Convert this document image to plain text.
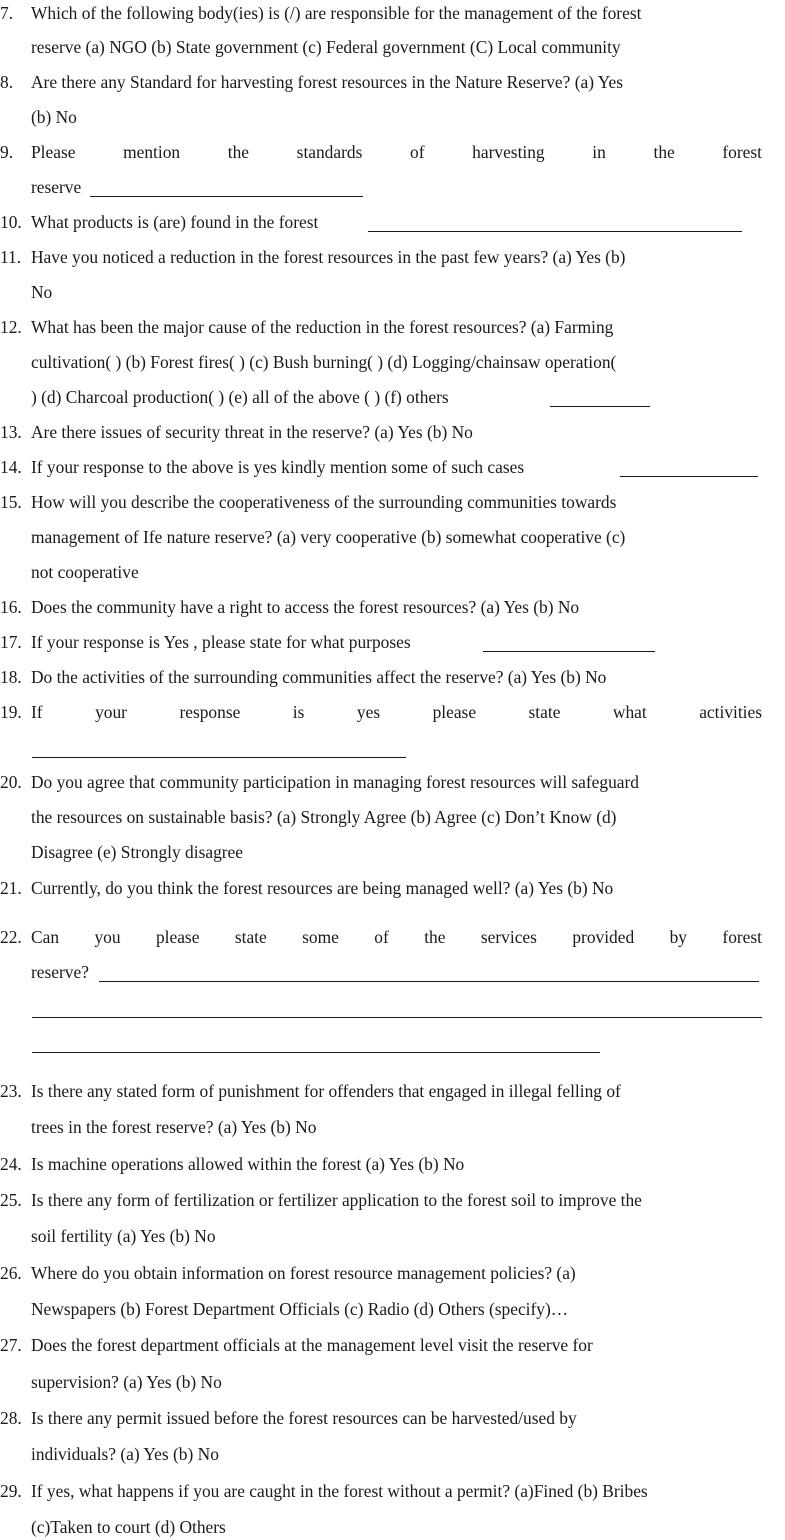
7. Which of the following body(ies) is (/) are responsible for the management of the forest
reserve (a) NGO (b) State government (c) Federal government (C) Local community
8. Are there any Standard for harvesting forest resources in the Nature Reserve? (a) Yes
(b) No
9. Please mention the standards of harvesting in the forest
reserve
10. What products is (are) found in the forest
11. Have you noticed a reduction in the forest resources in the past few years? (a) Yes (b)
No
12. What has been the major cause of the reduction in the forest resources? (a) Farming
cultivation( ) (b) Forest fires( ) (c) Bush burning( ) (d) Logging/chainsaw operation(
) (d) Charcoal production( ) (e) all of the above ( ) (f) others
13. Are there issues of security threat in the reserve? (a) Yes (b) No
14. If your response to the above is yes kindly mention some of such cases
15. How will you describe the cooperativeness of the surrounding communities towards
management of Ife nature reserve? (a) very cooperative (b) somewhat cooperative (c)
not cooperative
16. Does the community have a right to access the forest resources? (a) Yes (b) No
17. If your response is Yes , please state for what purposes
18. Do the activities of the surrounding communities affect the reserve? (a) Yes (b) No
19. If your response is yes please state what activities
20. Do you agree that community participation in managing forest resources will safeguard
the resources on sustainable basis? (a) Strongly Agree (b) Agree (c) Don’t Know (d)
Disagree (e) Strongly disagree
21. Currently, do you think the forest resources are being managed well? (a) Yes (b) No
22. Can you please state some of the services provided by forest
reserve?
23. Is there any stated form of punishment for offenders that engaged in illegal felling of
trees in the forest reserve? (a) Yes (b) No
24. Is machine operations allowed within the forest (a) Yes (b) No
25. Is there any form of fertilization or fertilizer application to the forest soil to improve the
soil fertility (a) Yes (b) No
26. Where do you obtain information on forest resource management policies? (a)
Newspapers (b) Forest Department Officials (c) Radio (d) Others (specify)…
27. Does the forest department officials at the management level visit the reserve for
supervision? (a) Yes (b) No
28. Is there any permit issued before the forest resources can be harvested/used by
individuals? (a) Yes (b) No
29. If yes, what happens if you are caught in the forest without a permit? (a)Fined (b) Bribes
(c)Taken to court (d) Others
